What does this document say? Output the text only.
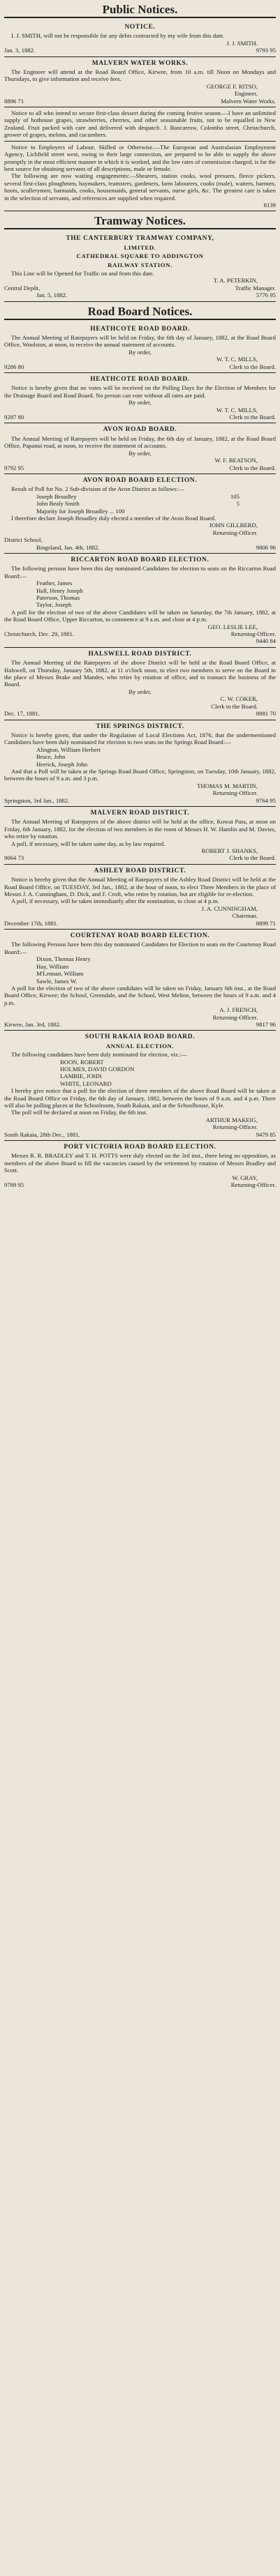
Public Notices.
NOTICE.

I. J. SMITH, will not be responsible for any debts contracted by my wife from this date.

J. J. SMITH.
Jan. 3, 1882.	9793 95
MALVERN WATER WORKS.

The Engineer will attend at the Road Board Office, Kirwee, from 10 a.m. till Noon on Mondays and Thursdays, to give information and receive fees.

GEORGE F. RITSO,
Engineer,
8896 71	Malvern Water Works.

Notice to all who intend to secure first-class dessert during the coming festive season.—I have an unlimited supply of hothouse grapes, strawberries, cherries, and other seasonable fruits, not to be equalled in New Zealand. Fruit packed with care and delivered with despatch. J. Bancarrow, Colombo street, Christchurch, grower of grapes, melons, and cucumbers.

Notice to Employers of Labour, Skilled or Otherwise.—The European and Australasian Employment Agency, Lichfield street west, owing to their large connection, are prepared to be able to supply the above promptly in the most efficient manner in which it is worked, and the low rates of commission charged, is far the best source for obtaining servants of all descriptions, male or female.

The following are now waiting engagements:—Shearers, station cooks, wool pressers, fleece pickers, several first-class ploughmen, haymakers, teamsters, gardeners, farm labourers, cooks (male), waiters, barmen, hoots, scullerymen, barmaids, cooks, housemaids, general servants, nurse girls, &c. The greatest care is taken in the selection of servants, and references are supplied when required.

8139
Tramway Notices.
THE CANTERBURY TRAMWAY COMPANY,
LIMITED.
CATHEDRAL SQUARE TO ADDINGTON
RAILWAY STATION.

This Line will be Opened for Traffic on and from this date.

T. A. PETERKIN,
Central Depôt,	Traffic Manager.
Jan. 5, 1882.	5776 95
Road Board Notices.
HEATHCOTE ROAD BOARD.

The Annual Meeting of Ratepayers will be held on Friday, the 6th day of January, 1882, at the Road Board Office, Woolston, at noon, to receive the annual statement of accounts.

By order,
W. T. C. MILLS,
9286 80	Clerk to the Board.
HEATHCOTE ROAD BOARD.

Notice is hereby given that no votes will be received on the Polling Days for the Election of Members for the Drainage Board and Road Board. No person can vote without all rates are paid.

By order,
W. T. C. MILLS,
9287 80	Clerk to the Board.
AVON ROAD BOARD.

The Annual Meeting of Ratepayers will be held on Friday, the 6th day of January, 1882, at the Road Board Office, Papanui road, at noon, to receive the statement of accounts.

By order,
W. F. BEATSON,
9792 95	Clerk to the Board.
AVON ROAD BOARD ELECTION.

Result of Poll for No. 2 Sub-division of the Avon District as follows:—

Joseph Broadley	105
John Bealy Smith	5
Majority for Joseph Broadley ... 100

I therefore declare Joseph Broadley duly elected a member of the Avon Road Board.

JOHN GILLBERD,
Returning-Officer.
District School,
Bingsland, Jan. 4th, 1882.	9806 96
RICCARTON ROAD BOARD ELECTION.

The following persons have been this day nominated Candidates for election to seats on the Riccarton Road Board:—

Feather, James
Hall, Henry Joseph
Paterson, Thomas
Taylor, Joseph

A poll for the election of two of the above Candidates will be taken on Saturday, the 7th January, 1882, at the Road Board Office, Upper Riccarton, to commence at 9 a.m. and close at 4 p.m.

GEO. LESLIE LEE,
Christchurch, Dec. 29, 1881.	Returning-Officer.
9440 84
HALSWELL ROAD DISTRICT.

The Annual Meeting of the Ratepayers of the above District will be held at the Road Board Office, at Halswell, on Thursday, January 5th, 1882, at 11 o'clock noon, to elect two members to serve on the Board in the place of Messrs Brake and Mandes, who retire by rotation of office, and to transact the business of the Board.

By order,
C. W. COKER,
Clerk to the Board.
Dec. 17, 1881.	8881 70
THE SPRINGS DISTRICT.

Notice is hereby given, that under the Regulation of Local Elections Act, 1876, that the undermentioned Candidates have been duly nominated for election to two seats on the Springs Road Board:—

Alington, William Herbert
Bruce, John
Herrick, Joseph John

And that a Poll will be taken at the Springs Road Board Office, Springston, on Tuesday, 10th January, 1882, between the hours of 9 a.m. and 3 p.m.

THOMAS M. MARTIN,
Returning-Officer.
Springston, 3rd Jan., 1882.	9764 95
MALVERN ROAD DISTRICT.

The Annual Meeting of Ratepayers of the above district will be held at the office, Kowai Pass, at noon on Friday, 6th January, 1882, for the election of two members in the room of Messrs H. W. Hamlin and M. Davies, who retire by rotation.

A poll, if necessary, will be taken same day, as by law required.

ROBERT J. SHANKS,
9064 73	Clerk to the Board.
ASHLEY ROAD DISTRICT.

Notice is hereby given that the Annual Meeting of Ratepayers of the Ashley Road District will be held at the Road Board Office, on TUESDAY, 3rd Jan., 1882, at the hour of noon, to elect Three Members in the place of Messrs J. A. Cunningham, D. Dick, and F. Croft, who retire by rotation, but are eligible for re-election.

A poll, if necessary, will be taken immediately after the nomination, to close at 4 p.m.

J. A. CUNNINGHAM,
Chairman.
December 17th, 1881.	8899 71
COURTENAY ROAD BOARD ELECTION.

The following Persons have been this day nominated Candidates for Election to seats on the Courtenay Road Board:—

Dixon, Thomas Henry
Hay, William
M'Lennan, William
Sawle, James W.

A poll for the election of two of the above candidates will be taken on Friday, January 6th inst., at the Road Board Office, Kirwee; the School, Greendale, and the School, West Melton, between the hours of 9 a.m. and 4 p.m.

A. J. FRENCH,
Returning-Officer.
Kirwee, Jan. 3rd, 1882.	9817 96
SOUTH RAKAIA ROAD BOARD.
ANNUAL ELECTION.

The following candidates have been duly nominated for election, viz.:—

BOON, ROBERT
HOLMES, DAVID GORDON
LAMBIE, JOHN
WHITE, LEONARD

I hereby give notice that a poll for the election of three members of the above Road Board will be taken at the Road Board Office on Friday, the 6th day of January, 1882, between the hours of 9 a.m. and 4 p.m. There will also be polling places at the Schoolroom, South Rakaia, and at the Schoolhouse, Kyle.

The poll will be declared at noon on Friday, the 6th inst.

ARTHUR MAKEIG,
Returning-Officer.
South Rakaia, 28th Dec., 1881.	9479 85
PORT VICTORIA ROAD BOARD ELECTION.

Messrs R. R. BRADLEY and T. H. POTTS were duly elected on the 3rd inst., there being no opposition, as members of the above Board to fill the vacancies caused by the retirement by rotation of Messrs Bradley and Scott.

W. GRAY,
9789 95	Returning-Officer.
